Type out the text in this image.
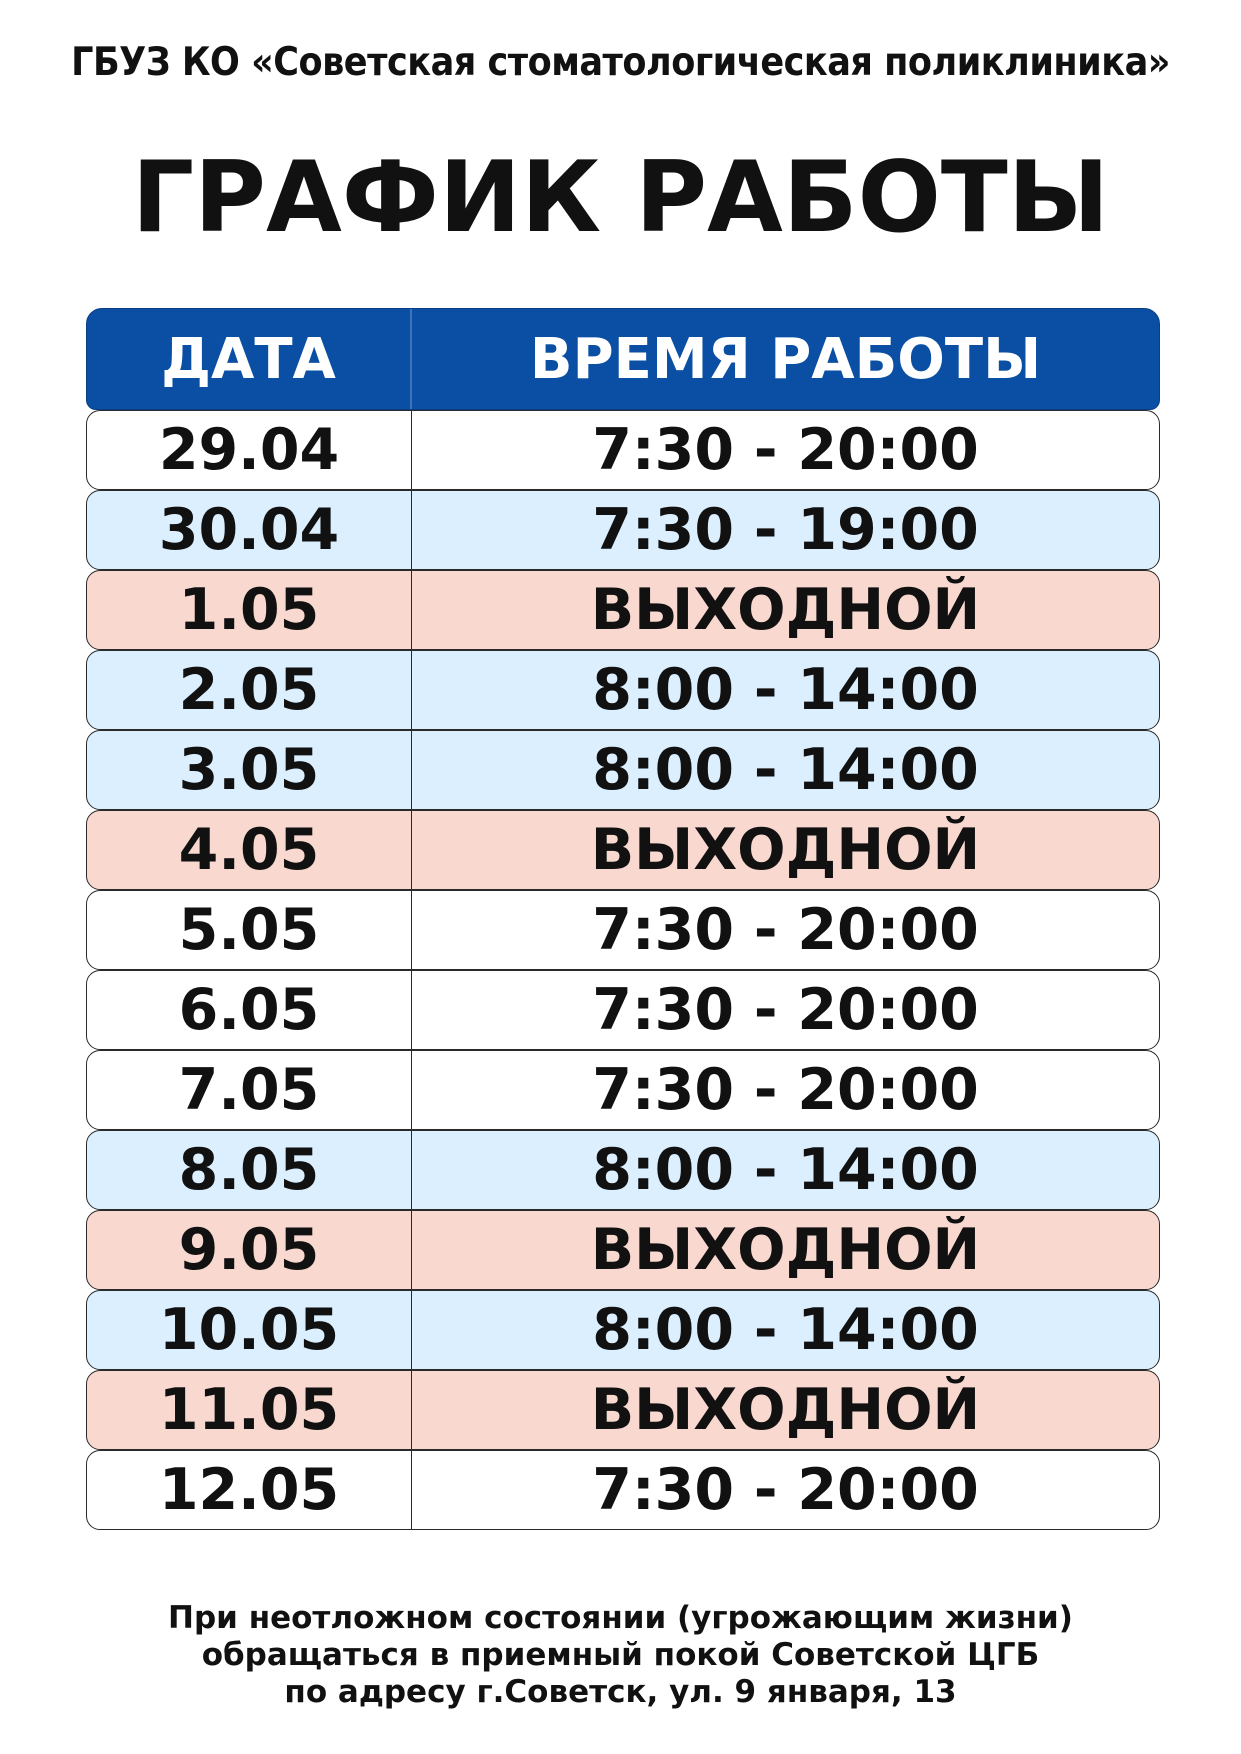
ГБУЗ КО «Советская стоматологическая поликлиника»
ГРАФИК РАБОТЫ
ДАТА	ВРЕМЯ РАБОТЫ
29.04	7:30 - 20:00
30.04	7:30 - 19:00
1.05	ВЫХОДНОЙ
2.05	8:00 - 14:00
3.05	8:00 - 14:00
4.05	ВЫХОДНОЙ
5.05	7:30 - 20:00
6.05	7:30 - 20:00
7.05	7:30 - 20:00
8.05	8:00 - 14:00
9.05	ВЫХОДНОЙ
10.05	8:00 - 14:00
11.05	ВЫХОДНОЙ
12.05	7:30 - 20:00
При неотложном состоянии (угрожающим жизни)
обращаться в приемный покой Советской ЦГБ
по адресу г.Советск, ул. 9 января, 13
